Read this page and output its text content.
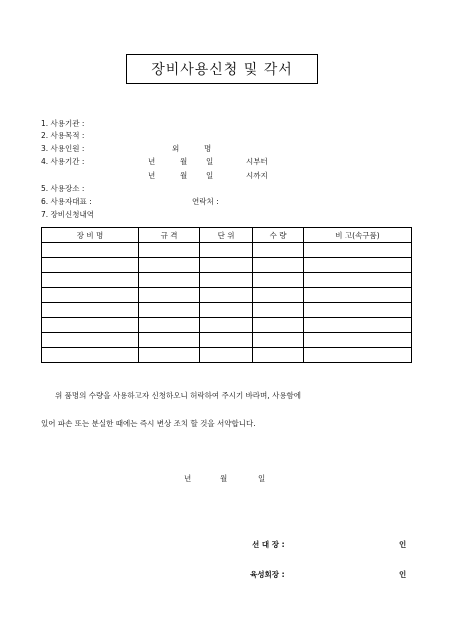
장비사용신청 및 각서
1. 사용기관 :
2. 사용목적 :
3. 사용인원 :	외	명
4. 사용기간 :	년	월	일	시부터
년	월	일	시까지
5. 사용장소 :
6. 사용자대표 :	연락처 :
7. 장비신청내역
장 비 명	규 격	단 위	수 량	비 고(속구품)

위 품명의 수량을 사용하고자 신청하오니 허락하여 주시기 바라며, 사용함에
있어 파손 또는 분실한 때에는 즉시 변상 조치 할 것을 서약합니다.
년	월	일
선 대 장 :	인
육성회장 :	인
